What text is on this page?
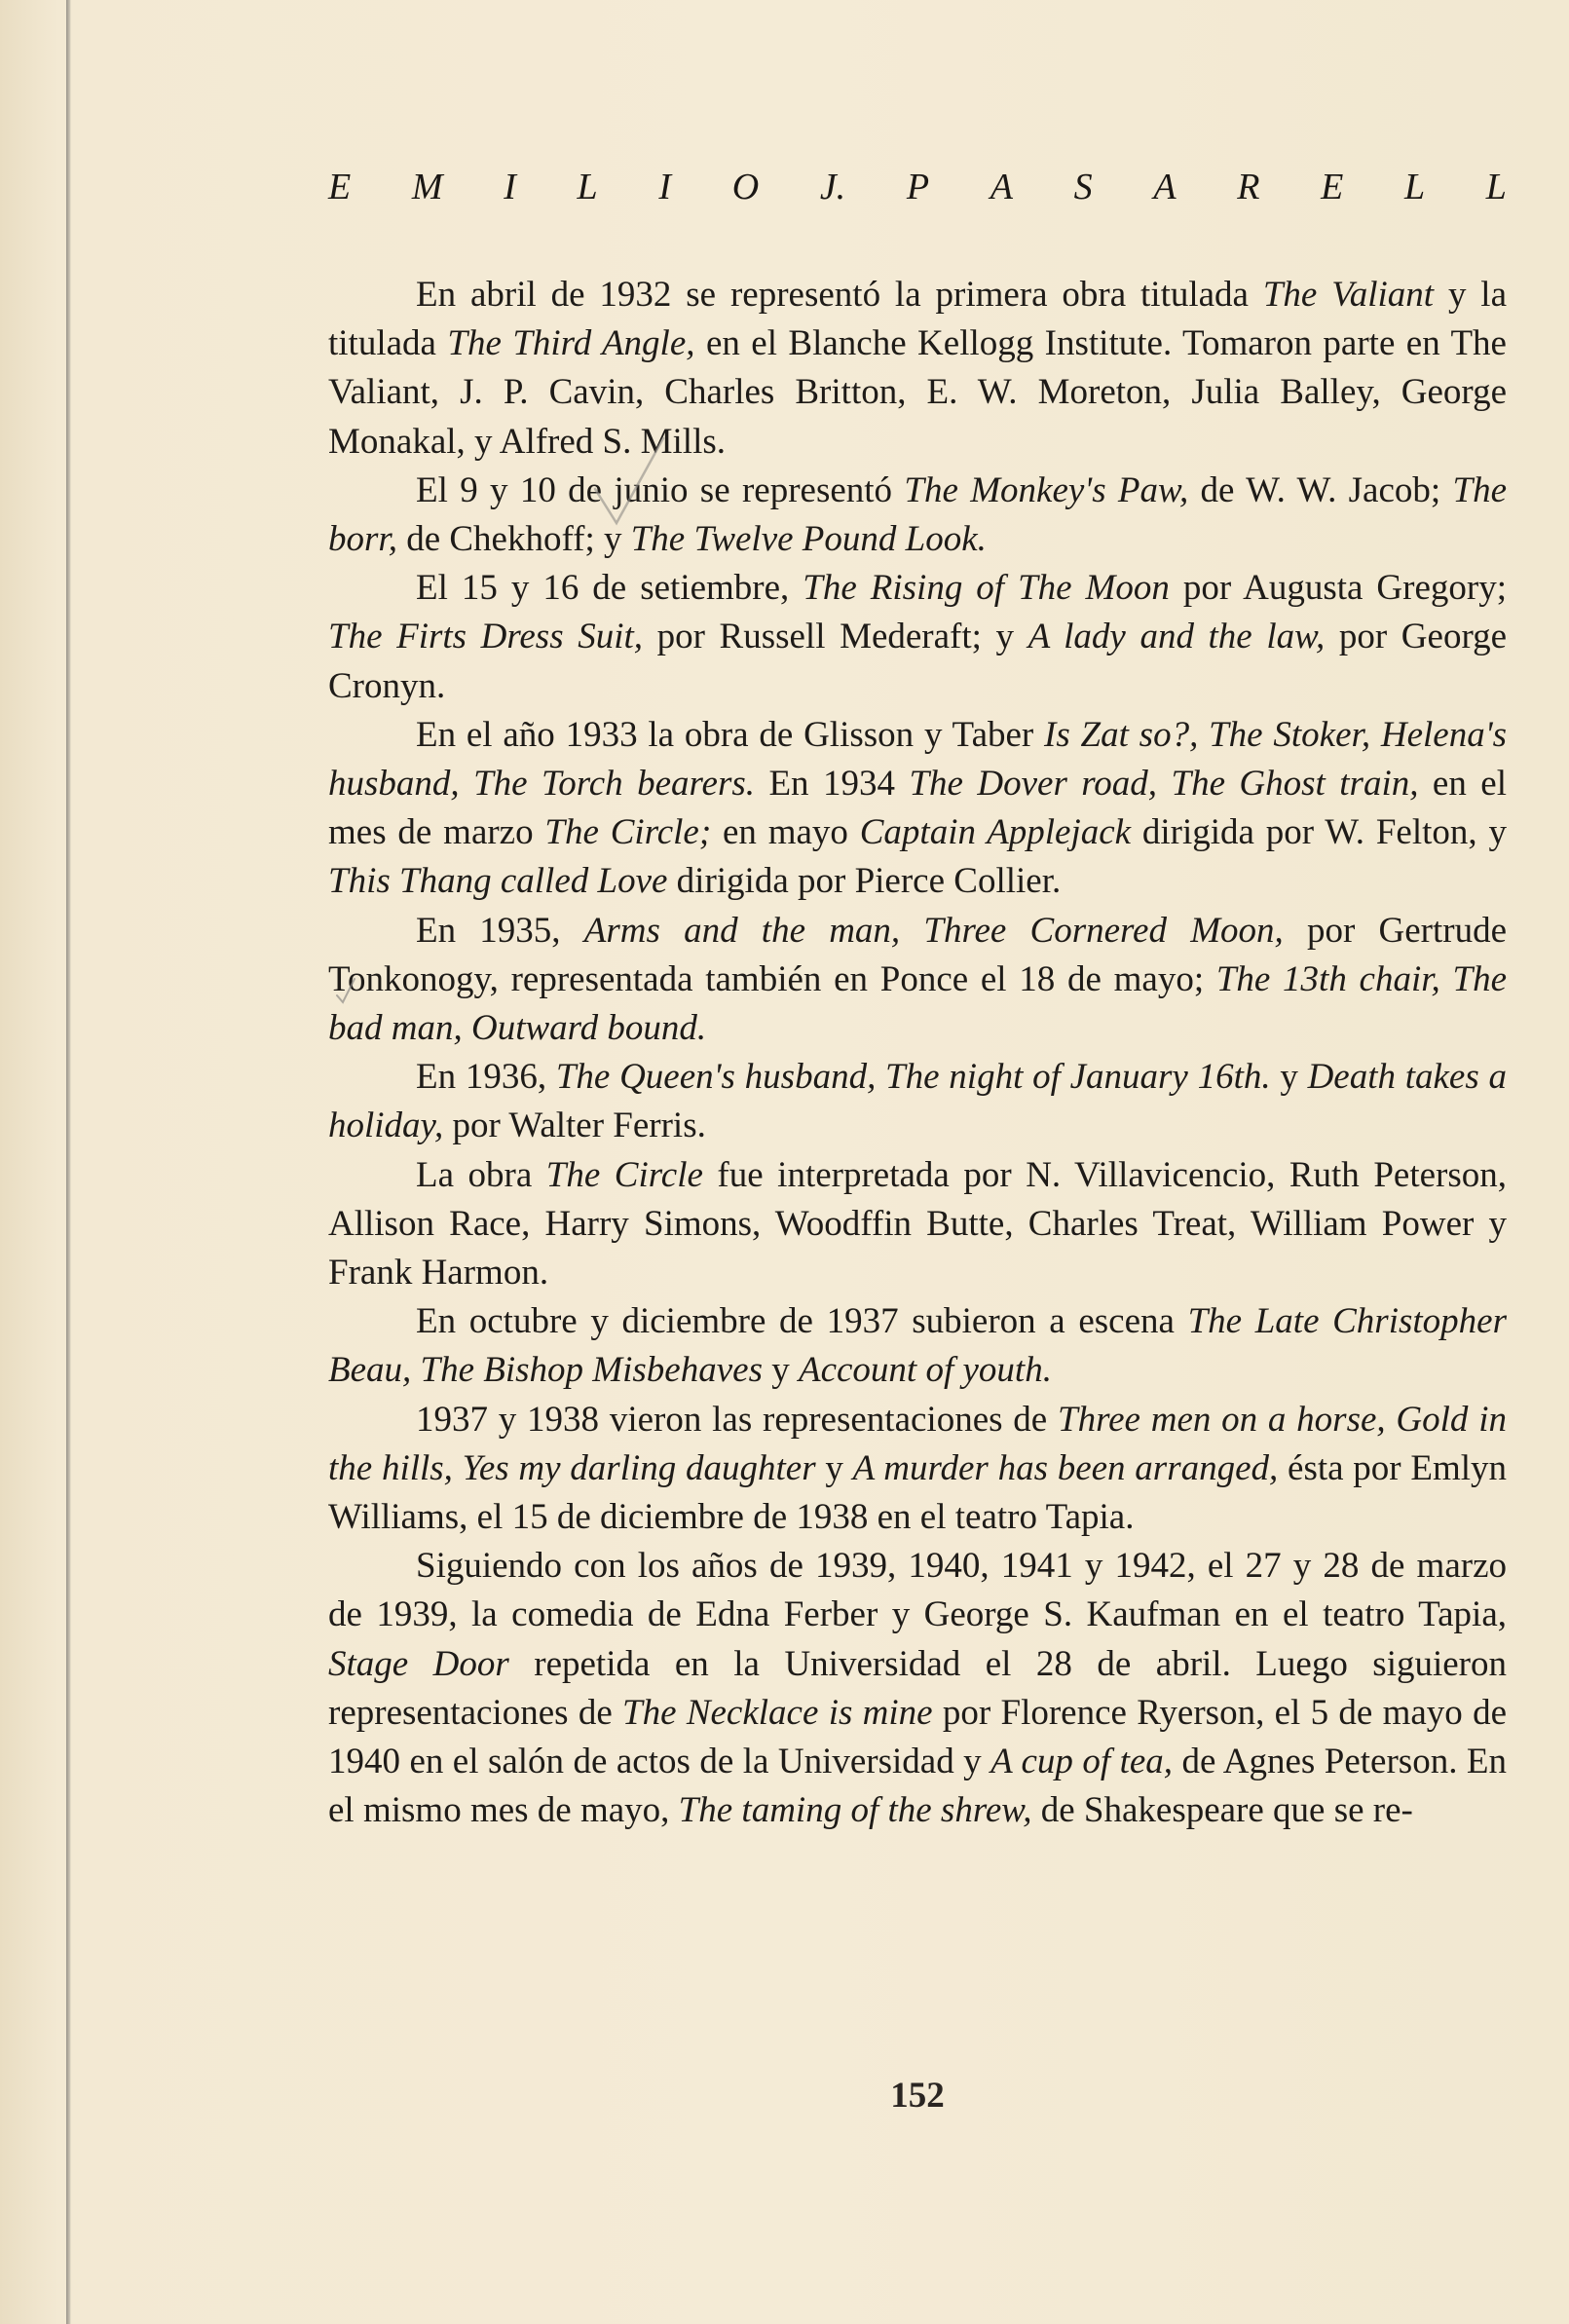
E M I L I O J. P A S A R E L L

En abril de 1932 se representó la primera obra titulada The Valiant y la titulada The Third Angle, en el Blanche Kellogg Institute. Tomaron parte en The Valiant, J. P. Cavin, Charles Britton, E. W. Moreton, Julia Balley, George Monakal, y Alfred S. Mills.

El 9 y 10 de junio se representó The Monkey's Paw, de W. W. Jacob; The borr, de Chekhoff; y The Twelve Pound Look.

El 15 y 16 de setiembre, The Rising of The Moon por Augusta Gregory; The Firts Dress Suit, por Russell Mederaft; y A lady and the law, por George Cronyn.

En el año 1933 la obra de Glisson y Taber Is Zat so?, The Stoker, Helena's husband, The Torch bearers. En 1934 The Dover road, The Ghost train, en el mes de marzo The Circle; en mayo Captain Applejack dirigida por W. Felton, y This Thang called Love dirigida por Pierce Collier.

En 1935, Arms and the man, Three Cornered Moon, por Gertrude Tonkonogy, representada también en Ponce el 18 de mayo; The 13th chair, The bad man, Outward bound.

En 1936, The Queen's husband, The night of January 16th. y Death takes a holiday, por Walter Ferris.

La obra The Circle fue interpretada por N. Villavicencio, Ruth Peterson, Allison Race, Harry Simons, Woodffin Butte, Charles Treat, William Power y Frank Harmon.

En octubre y diciembre de 1937 subieron a escena The Late Christopher Beau, The Bishop Misbehaves y Account of youth.

1937 y 1938 vieron las representaciones de Three men on a horse, Gold in the hills, Yes my darling daughter y A murder has been arranged, ésta por Emlyn Williams, el 15 de diciembre de 1938 en el teatro Tapia.

Siguiendo con los años de 1939, 1940, 1941 y 1942, el 27 y 28 de marzo de 1939, la comedia de Edna Ferber y George S. Kaufman en el teatro Tapia, Stage Door repetida en la Universidad el 28 de abril. Luego siguieron representaciones de The Necklace is mine por Florence Ryerson, el 5 de mayo de 1940 en el salón de actos de la Universidad y A cup of tea, de Agnes Peterson. En el mismo mes de mayo, The taming of the shrew, de Shakespeare que se re-

152
